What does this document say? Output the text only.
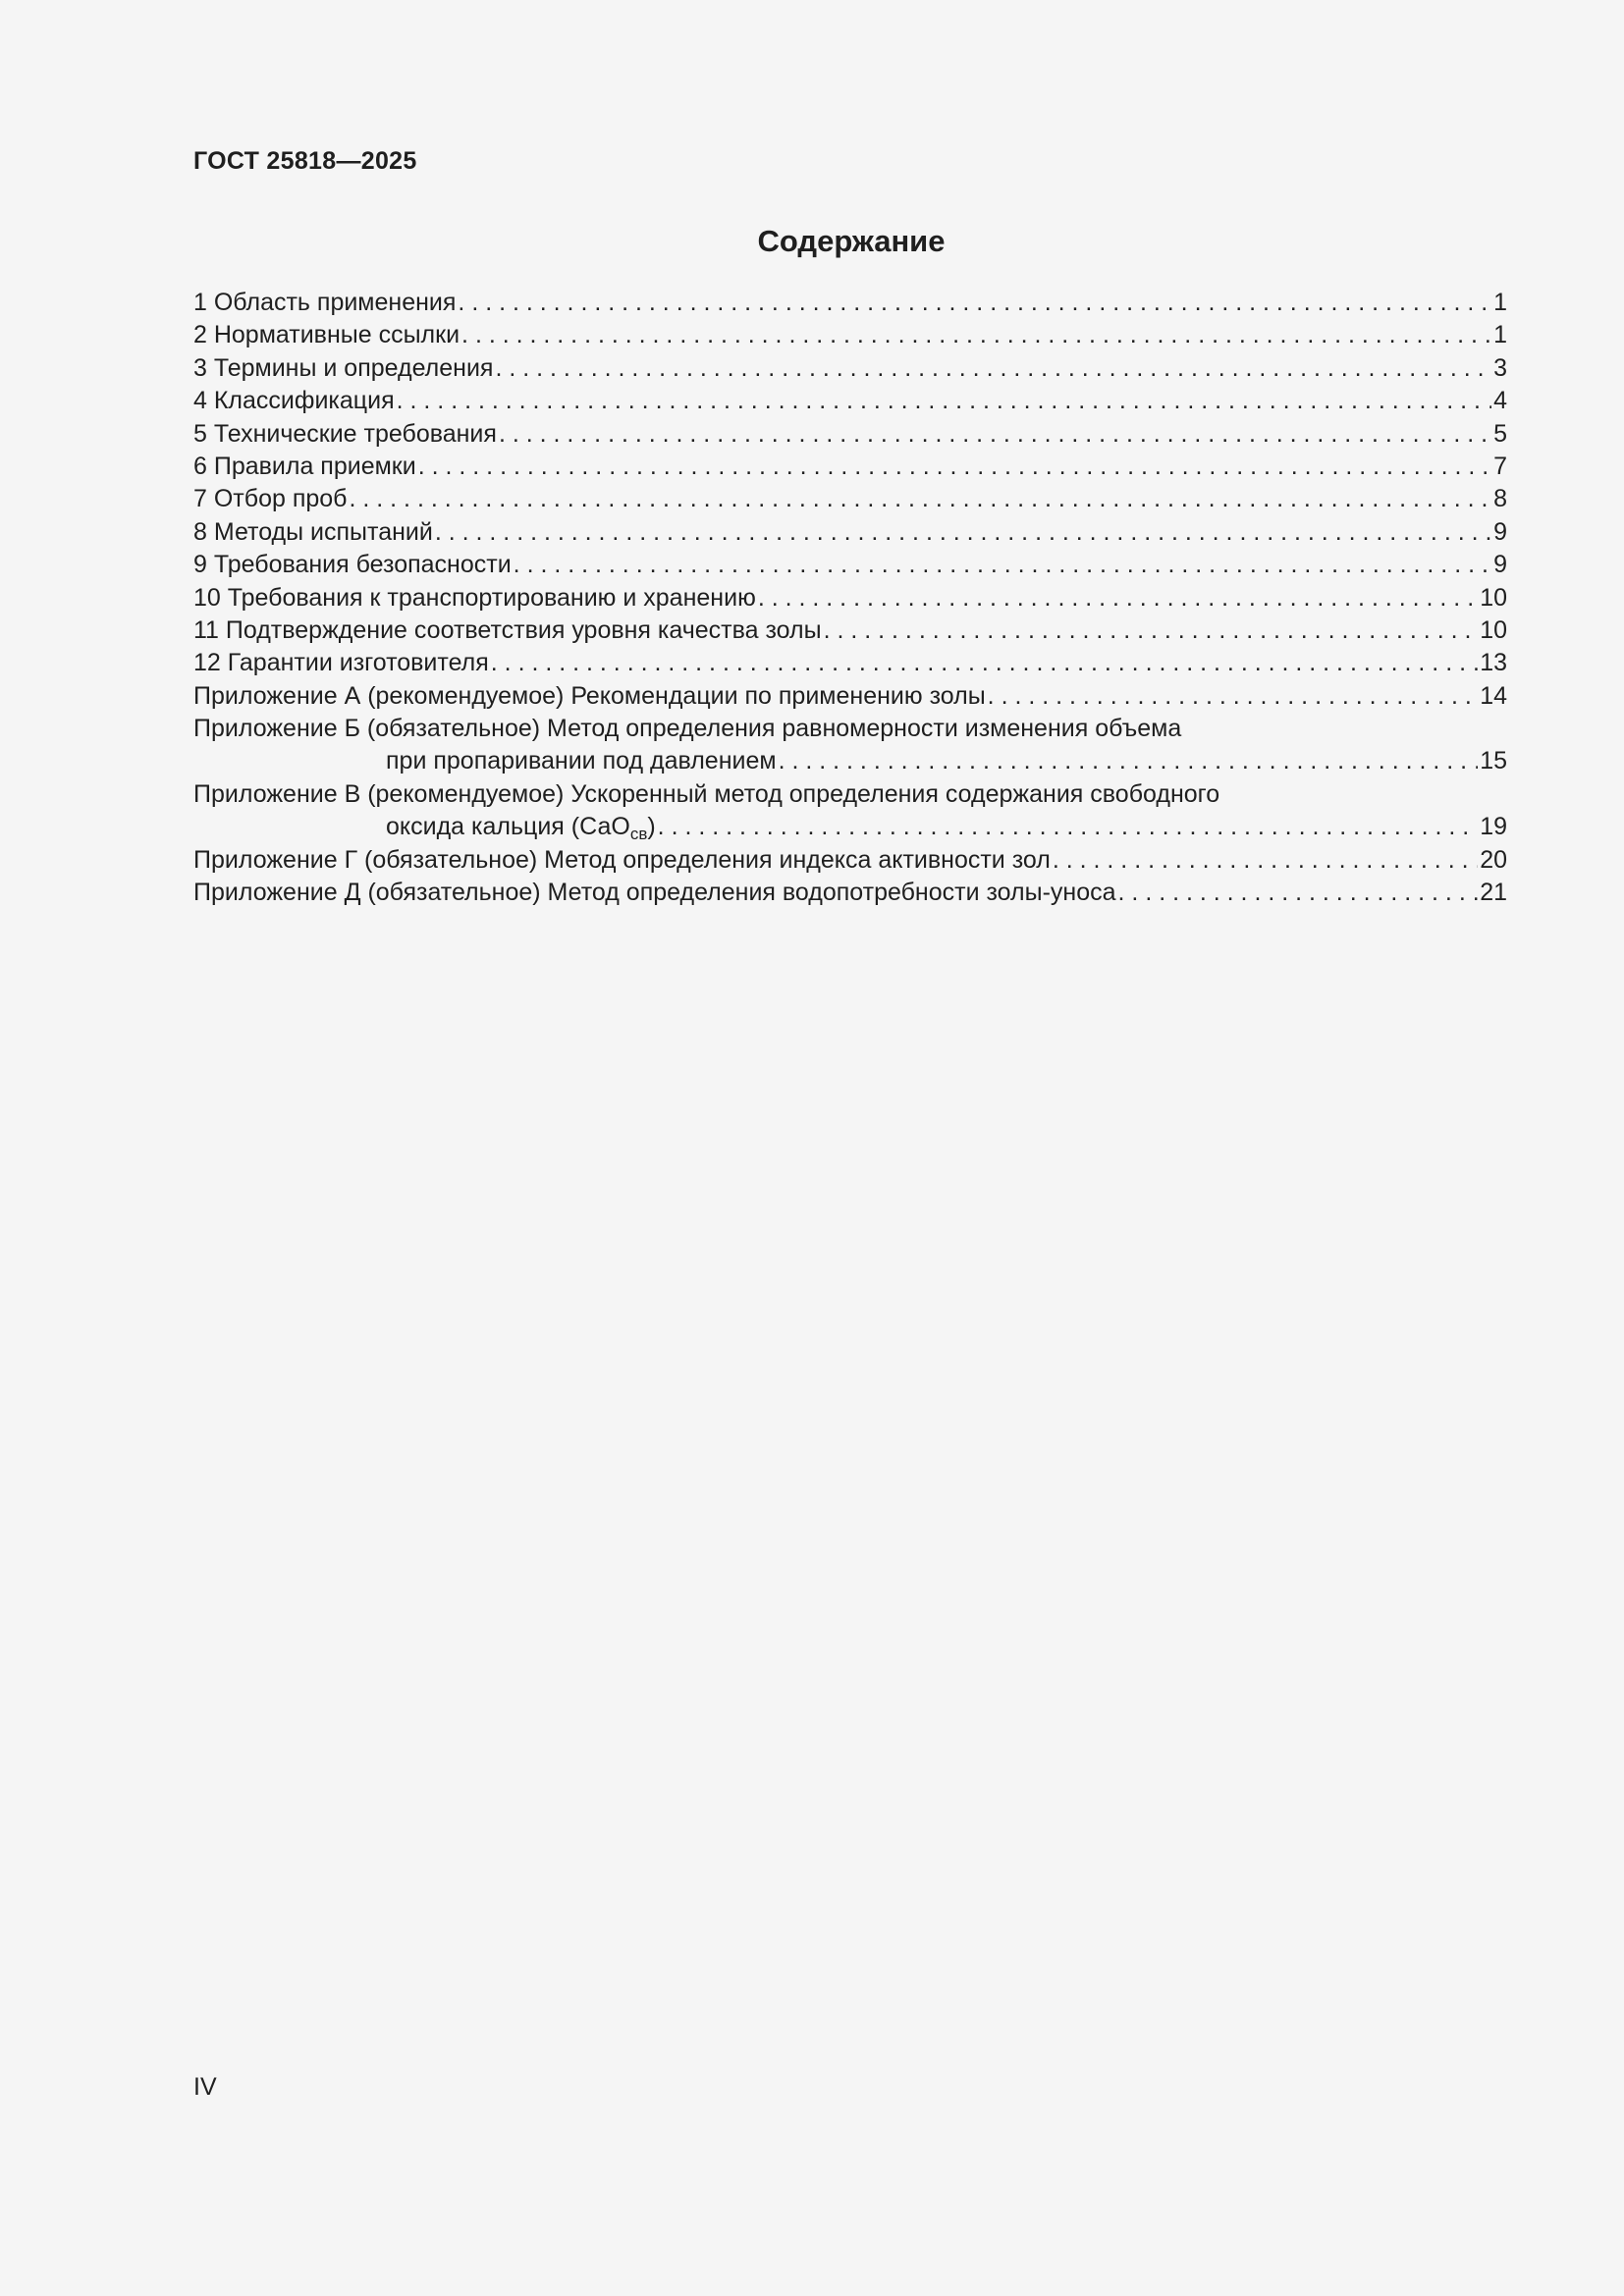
ГОСТ 25818—2025
Содержание
1 Область применения . . .	1
2 Нормативные ссылки . . .	1
3 Термины и определения . . .	3
4 Классификация . . .	4
5 Технические требования . . .	5
6 Правила приемки . . .	7
7 Отбор проб . . .	8
8 Методы испытаний . . .	9
9 Требования безопасности . . .	9
10 Требования к транспортированию и хранению . . .	10
11 Подтверждение соответствия уровня качества золы . . .	10
12 Гарантии изготовителя . . .	13
Приложение А (рекомендуемое) Рекомендации по применению золы . . .	14
Приложение Б (обязательное) Метод определения равномерности изменения объема
при пропаривании под давлением . . .	15
Приложение В (рекомендуемое) Ускоренный метод определения содержания свободного
оксида кальция (СаО$_{св}$) . . .	19
Приложение Г (обязательное) Метод определения индекса активности зол . . .	20
Приложение Д (обязательное) Метод определения водопотребности золы-уноса . . .	21
IV
